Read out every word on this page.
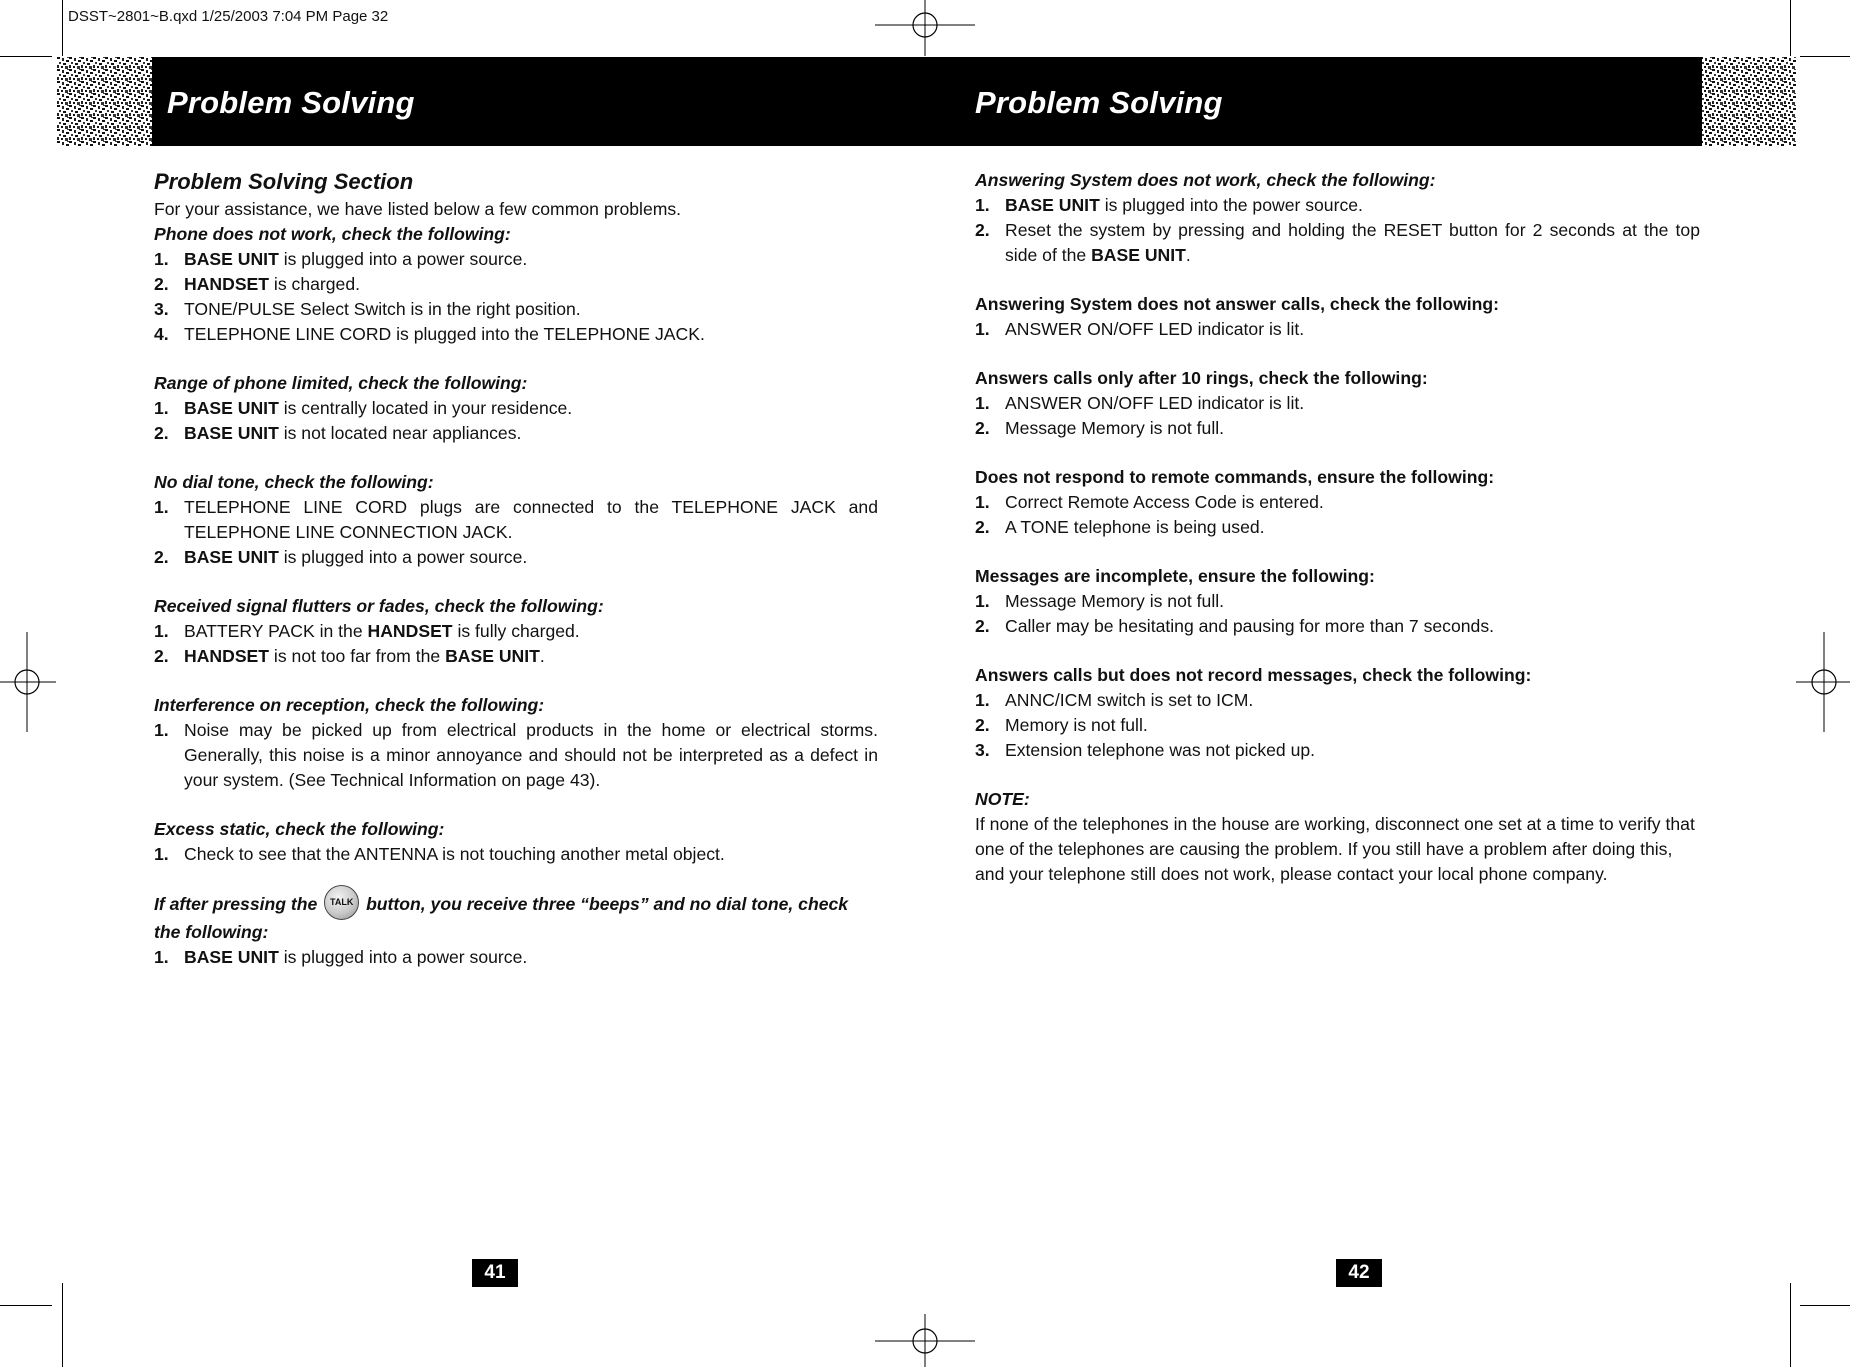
DSST~2801~B.qxd 1/25/2003 7:04 PM Page 32
Problem Solving	Problem Solving
Problem Solving Section
For your assistance, we have listed below a few common problems.
Phone does not work, check the following:
1. BASE UNIT is plugged into a power source.
2. HANDSET is charged.
3. TONE/PULSE Select Switch is in the right position.
4. TELEPHONE LINE CORD is plugged into the TELEPHONE JACK.
Range of phone limited, check the following:
1. BASE UNIT is centrally located in your residence.
2. BASE UNIT is not located near appliances.
No dial tone, check the following:
1. TELEPHONE LINE CORD plugs are connected to the TELEPHONE JACK and TELEPHONE LINE CONNECTION JACK.
2. BASE UNIT is plugged into a power source.
Received signal flutters or fades, check the following:
1. BATTERY PACK in the HANDSET is fully charged.
2. HANDSET is not too far from the BASE UNIT.
Interference on reception, check the following:
1. Noise may be picked up from electrical products in the home or electrical storms. Generally, this noise is a minor annoyance and should not be interpreted as a defect in your system. (See Technical Information on page 43).
Excess static, check the following:
1. Check to see that the ANTENNA is not touching another metal object.
If after pressing the TALK button, you receive three “beeps” and no dial tone, check the following:
1. BASE UNIT is plugged into a power source.
Answering System does not work, check the following:
1. BASE UNIT is plugged into the power source.
2. Reset the system by pressing and holding the RESET button for 2 seconds at the top side of the BASE UNIT.
Answering System does not answer calls, check the following:
1. ANSWER ON/OFF LED indicator is lit.
Answers calls only after 10 rings, check the following:
1. ANSWER ON/OFF LED indicator is lit.
2. Message Memory is not full.
Does not respond to remote commands, ensure the following:
1. Correct Remote Access Code is entered.
2. A TONE telephone is being used.
Messages are incomplete, ensure the following:
1. Message Memory is not full.
2. Caller may be hesitating and pausing for more than 7 seconds.
Answers calls but does not record messages, check the following:
1. ANNC/ICM switch is set to ICM.
2. Memory is not full.
3. Extension telephone was not picked up.
NOTE:

If none of the telephones in the house are working, disconnect one set at a time to verify that one of the telephones are causing the problem. If you still have a problem after doing this, and your telephone still does not work, please contact your local phone company.

41	42
